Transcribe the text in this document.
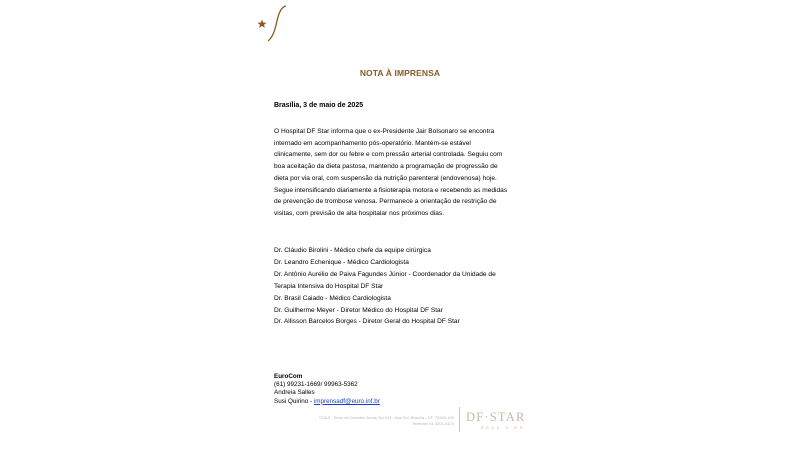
NOTA À IMPRENSA
Brasília, 3 de maio de 2025
O Hospital DF Star informa que o ex-Presidente Jair Bolsonaro se encontra
internado em acompanhamento pós-operatório. Mantém-se estável
clinicamente, sem dor ou febre e com pressão arterial controlada. Seguiu com
boa aceitação da dieta pastosa, mantendo a programação de progressão de
dieta por via oral, com suspensão da nutrição parenteral (endovenosa) hoje.
Segue intensificando diariamente a fisioterapia motora e recebendo as medidas
de prevenção de trombose venosa. Permanece a orientação de restrição de
visitas, com previsão de alta hospitalar nos próximos dias.
Dr. Cláudio Birolini - Médico chefe da equipe cirúrgica
Dr. Leandro Echenique - Médico Cardiologista
Dr. Antônio Aurélio de Paiva Fagundes Júnior - Coordenador da Unidade de
Terapia Intensiva do Hospital DF Star
Dr. Brasil Caiado - Médico Cardiologista
Dr. Guilherme Meyer - Diretor Médico do Hospital DF Star
Dr. Allisson Barcelos Borges - Diretor Geral do Hospital DF Star
EuroCom
(61) 99231-1669/ 99963-5362
Andreia Salles
Susi Quirino - imprensadf@euro.inf.br
SGAS - Setor de Grandes Áreas Sul 914 - Asa Sul, Brasília - DF, 70390-140
Telefone: 61 3201-3100 DF·STAR
REDE D'OR
